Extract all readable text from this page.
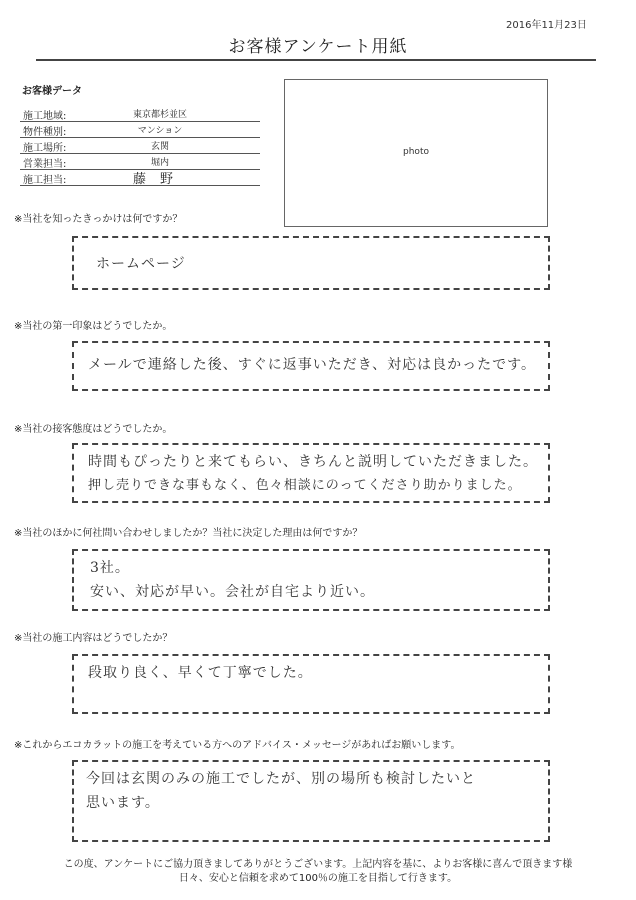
2016年11月23日
お客様アンケート用紙
お客様データ
施工地域:	東京都杉並区
物件種別:	マンション
施工場所:	玄関
営業担当:	堀内
施工担当:	藤野
photo
※当社を知ったきっかけは何ですか？
ホームページ
※当社の第一印象はどうでしたか。
メールで連絡した後、すぐに返事いただき、対応は良かったです。
※当社の接客態度はどうでしたか。
時間もぴったりと来てもらい、きちんと説明していただきました。
押し売りできな事もなく、色々相談にのってくださり助かりました。
※当社のほかに何社問い合わせしましたか？当社に決定した理由は何ですか？
3社。
安い、対応が早い。会社が自宅より近い。
※当社の施工内容はどうでしたか？
段取り良く、早くて丁寧でした。
※これからエコカラットの施工を考えている方へのアドバイス・メッセージがあればお願いします。
今回は玄関のみの施工でしたが、別の場所も検討したいと
思います。
この度、アンケートにご協力頂きましてありがとうございます。上記内容を基に、よりお客様に喜んで頂きます様
日々、安心と信頼を求めて100％の施工を目指して行きます。
